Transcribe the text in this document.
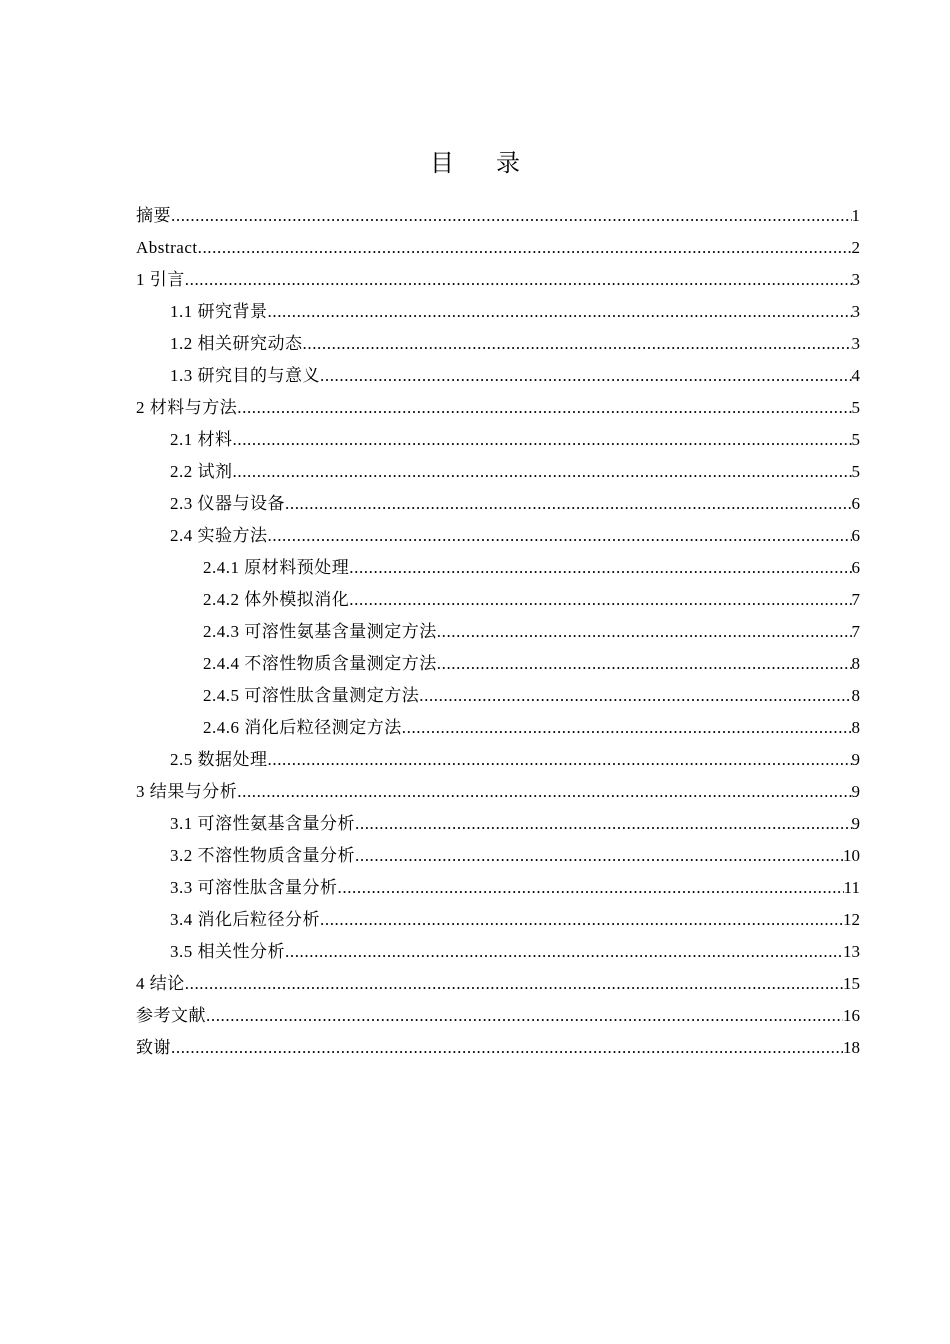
目录
摘要 .....	1
Abstract .....	2
1 引言 .....	3
1.1 研究背景 .....	3
1.2 相关研究动态 .....	3
1.3 研究目的与意义 .....	4
2 材料与方法 .....	5
2.1 材料 .....	5
2.2 试剂 .....	5
2.3 仪器与设备 .....	6
2.4 实验方法 .....	6
2.4.1 原材料预处理 .....	6
2.4.2 体外模拟消化 .....	7
2.4.3 可溶性氨基含量测定方法 .....	7
2.4.4 不溶性物质含量测定方法 .....	8
2.4.5 可溶性肽含量测定方法 .....	8
2.4.6 消化后粒径测定方法 .....	8
2.5 数据处理 .....	9
3 结果与分析 .....	9
3.1 可溶性氨基含量分析 .....	9
3.2 不溶性物质含量分析 .....	10
3.3 可溶性肽含量分析 .....	11
3.4 消化后粒径分析 .....	12
3.5 相关性分析 .....	13
4 结论 .....	15
参考文献 .....	16
致谢 .....	18
